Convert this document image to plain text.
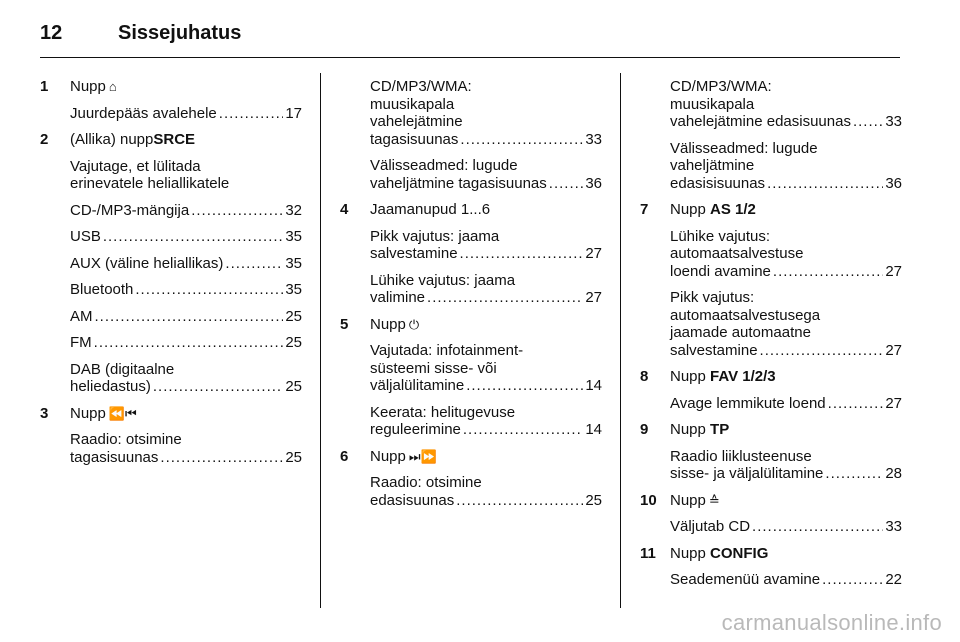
12	Sissejuhatus
1	Nupp ⌂
Juurdepääs avalehele .....	17
2	(Allika) nuppSRCE
Vajutage, et lülitada
erinevatele heliallikatele
CD-/MP3-mängija .....	32
USB .....	35
AUX (väline heliallikas) .....	35
Bluetooth .....	35
AM .....	25
FM .....	25
DAB (digitaalne
heliedastus) .....	25
3	Nupp ⏪⏮
Raadio: otsimine
tagasisuunas .....	25
CD/MP3/WMA:
muusikapala
vahelejätmine
tagasisuunas .....	33
Välisseadmed: lugude
vaheljätmine tagasisuunas .....	36
4	Jaamanupud 1...6
Pikk vajutus: jaama
salvestamine .....	27
Lühike vajutus: jaama
valimine .....	27
5	Nupp ⏻
Vajutada: infotainment-
süsteemi sisse- või
väljalülitamine .....	14
Keerata: helitugevuse
reguleerimine .....	14
6	Nupp ⏭⏩
Raadio: otsimine
edasisuunas .....	25
CD/MP3/WMA:
muusikapala
vahelejätmine edasisuunas ..... 33
Välisseadmed: lugude
vaheljätmine
edasisisuunas .....	36
7	Nupp AS 1/2
Lühike vajutus:
automaatsalvestuse
loendi avamine .....	27
Pikk vajutus:
automaatsalvestusega
jaamade automaatne
salvestamine .....	27
8	Nupp FAV 1/2/3
Avage lemmikute loend .....	27
9	Nupp TP
Raadio liiklusteenuse
sisse- ja väljalülitamine .....	28
10 Nupp ≙
Väljutab CD .....	33
11 Nupp CONFIG
Seademenüü avamine .....	22
carmanualsonline.info
